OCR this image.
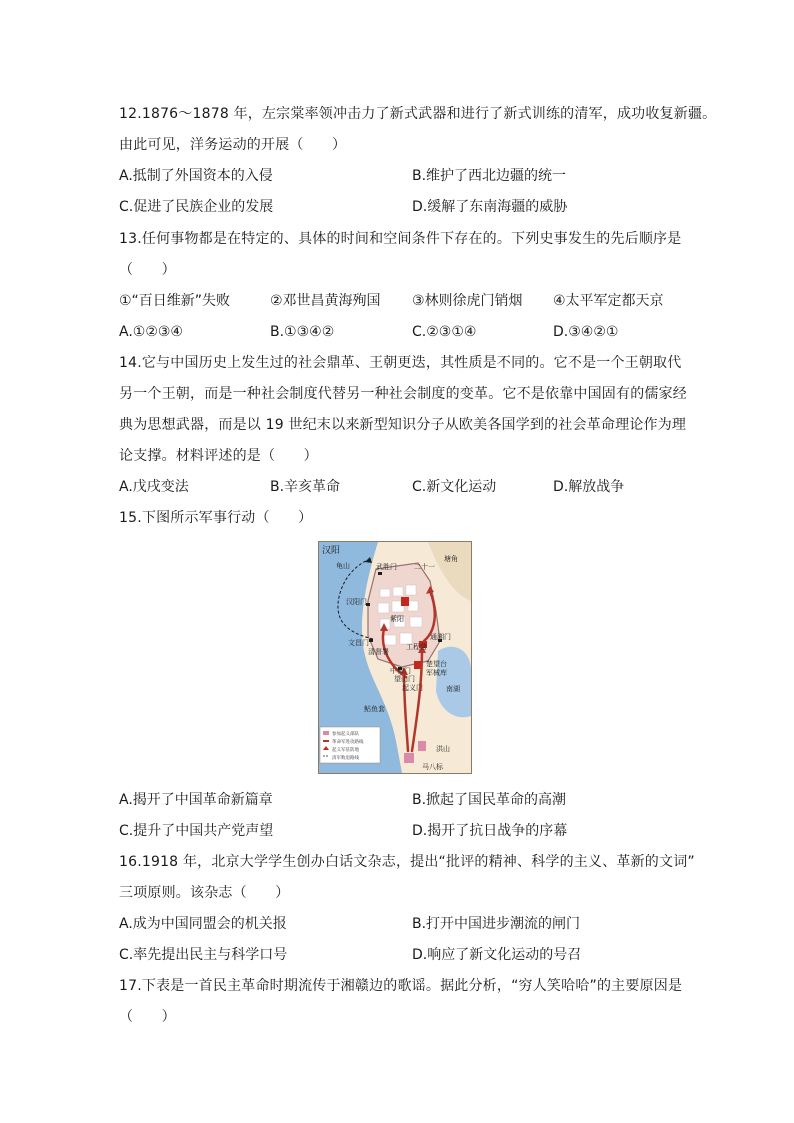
12.1876～1878 年，左宗棠率领冲击力了新式武器和进行了新式训练的清军，成功收复新疆。
由此可见，洋务运动的开展（　　）
A.抵制了外国资本的入侵	B.维护了西北边疆的统一
C.促进了民族企业的发展	D.缓解了东南海疆的威胁
13.任何事物都是在特定的、具体的时间和空间条件下存在的。下列史事发生的先后顺序是
（　　）
①“百日维新”失败	②邓世昌黄海殉国 ③林则徐虎门销烟 ④太平军定都天京
A.①②③④	B.①③④②	C.②③①④	D.③④②①
14.它与中国历史上发生过的社会鼎革、王朝更迭，其性质是不同的。它不是一个王朝取代
另一个王朝，而是一种社会制度代替另一种社会制度的变革。它不是依靠中国固有的儒家经
典为思想武器，而是以 19 世纪末以来新型知识分子从欧美各国学到的社会革命理论作为理
论支撑。材料评述的是（　　）
A.戊戌变法	B.辛亥革命	C.新文化运动	D.解放战争
15.下图所示军事行动（　　）
参加起义部队
革命军进攻路线
起义军驻防地
清军败退路线
汉阳
龟山	武胜门
汉阳门
紫阳
文昌门
清督署
望山门
工程营
中和门
起义门
通湘门
楚望台
军械库
南湖
二十一
鲇鱼套
塘角
洪山
马八标
A.揭开了中国革命新篇章	B.掀起了国民革命的高潮
C.提升了中国共产党声望	D.揭开了抗日战争的序幕
16.1918 年，北京大学学生创办白话文杂志，提出“批评的精神、科学的主义、革新的文词”
三项原则。该杂志（　　）
A.成为中国同盟会的机关报	B.打开中国进步潮流的闸门
C.率先提出民主与科学口号	D.响应了新文化运动的号召
17.下表是一首民主革命时期流传于湘赣边的歌谣。据此分析，“穷人笑哈哈”的主要原因是
（　　）
